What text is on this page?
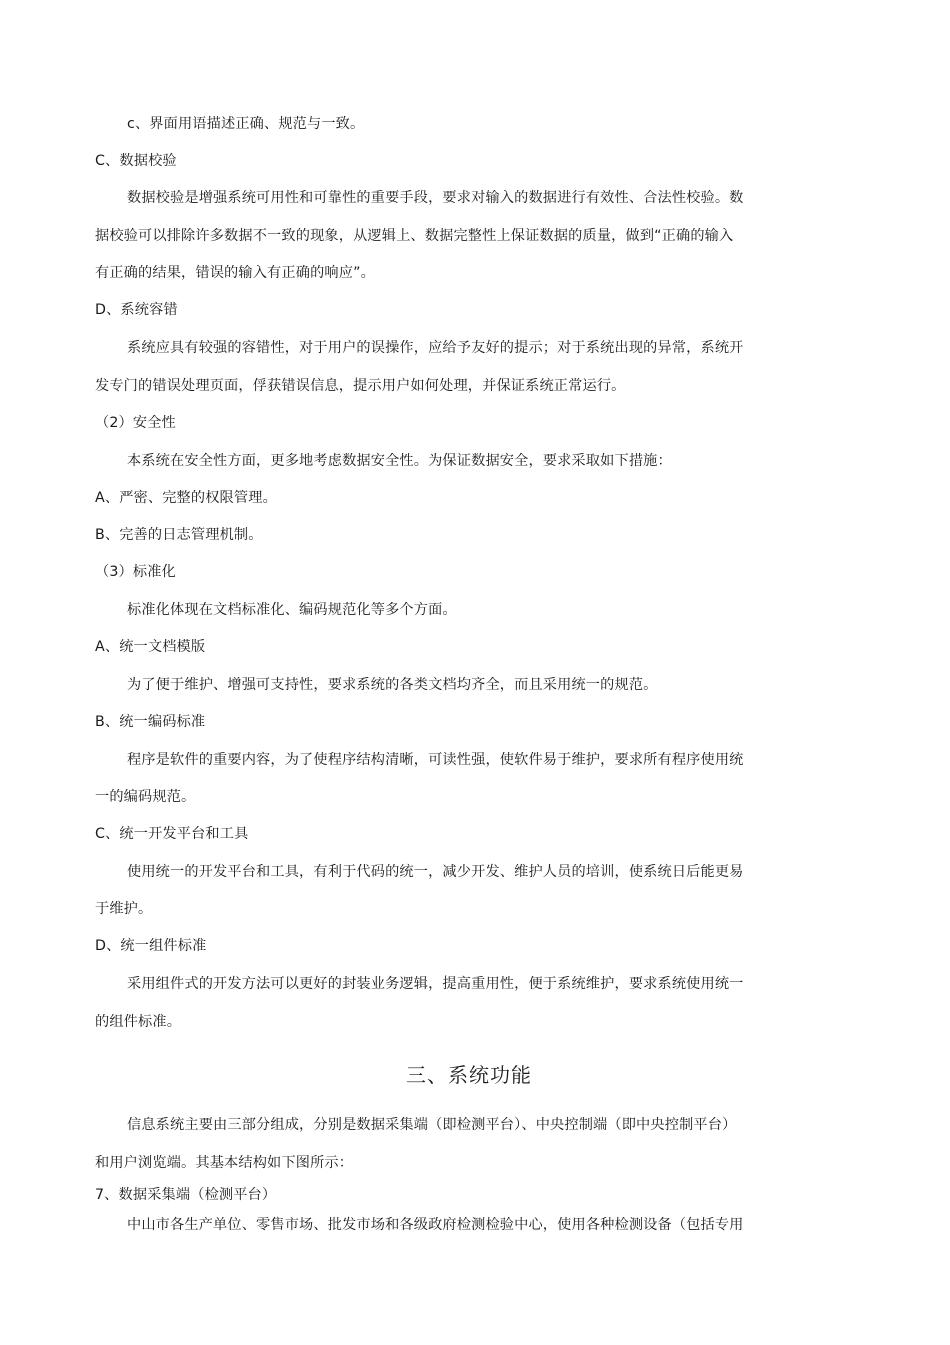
c、界面用语描述正确、规范与一致。

C、数据校验

数据校验是增强系统可用性和可靠性的重要手段，要求对输入的数据进行有效性、合法性校验。数

据校验可以排除许多数据不一致的现象，从逻辑上、数据完整性上保证数据的质量，做到“正确的输入

有正确的结果，错误的输入有正确的响应”。

D、系统容错

系统应具有较强的容错性，对于用户的误操作，应给予友好的提示；对于系统出现的异常，系统开

发专门的错误处理页面，俘获错误信息，提示用户如何处理，并保证系统正常运行。

（2）安全性

本系统在安全性方面，更多地考虑数据安全性。为保证数据安全，要求采取如下措施：

A、严密、完整的权限管理。

B、完善的日志管理机制。

（3）标准化

标准化体现在文档标准化、编码规范化等多个方面。

A、统一文档模版

为了便于维护、增强可支持性，要求系统的各类文档均齐全，而且采用统一的规范。

B、统一编码标准

程序是软件的重要内容，为了使程序结构清晰，可读性强，使软件易于维护，要求所有程序使用统

一的编码规范。

C、统一开发平台和工具

使用统一的开发平台和工具，有利于代码的统一，减少开发、维护人员的培训，使系统日后能更易

于维护。

D、统一组件标准

采用组件式的开发方法可以更好的封装业务逻辑，提高重用性，便于系统维护，要求系统使用统一

的组件标准。

三、系统功能

信息系统主要由三部分组成，分别是数据采集端（即检测平台）、中央控制端（即中央控制平台）

和用户浏览端。其基本结构如下图所示：

7、数据采集端（检测平台）

中山市各生产单位、零售市场、批发市场和各级政府检测检验中心，使用各种检测设备（包括专用
